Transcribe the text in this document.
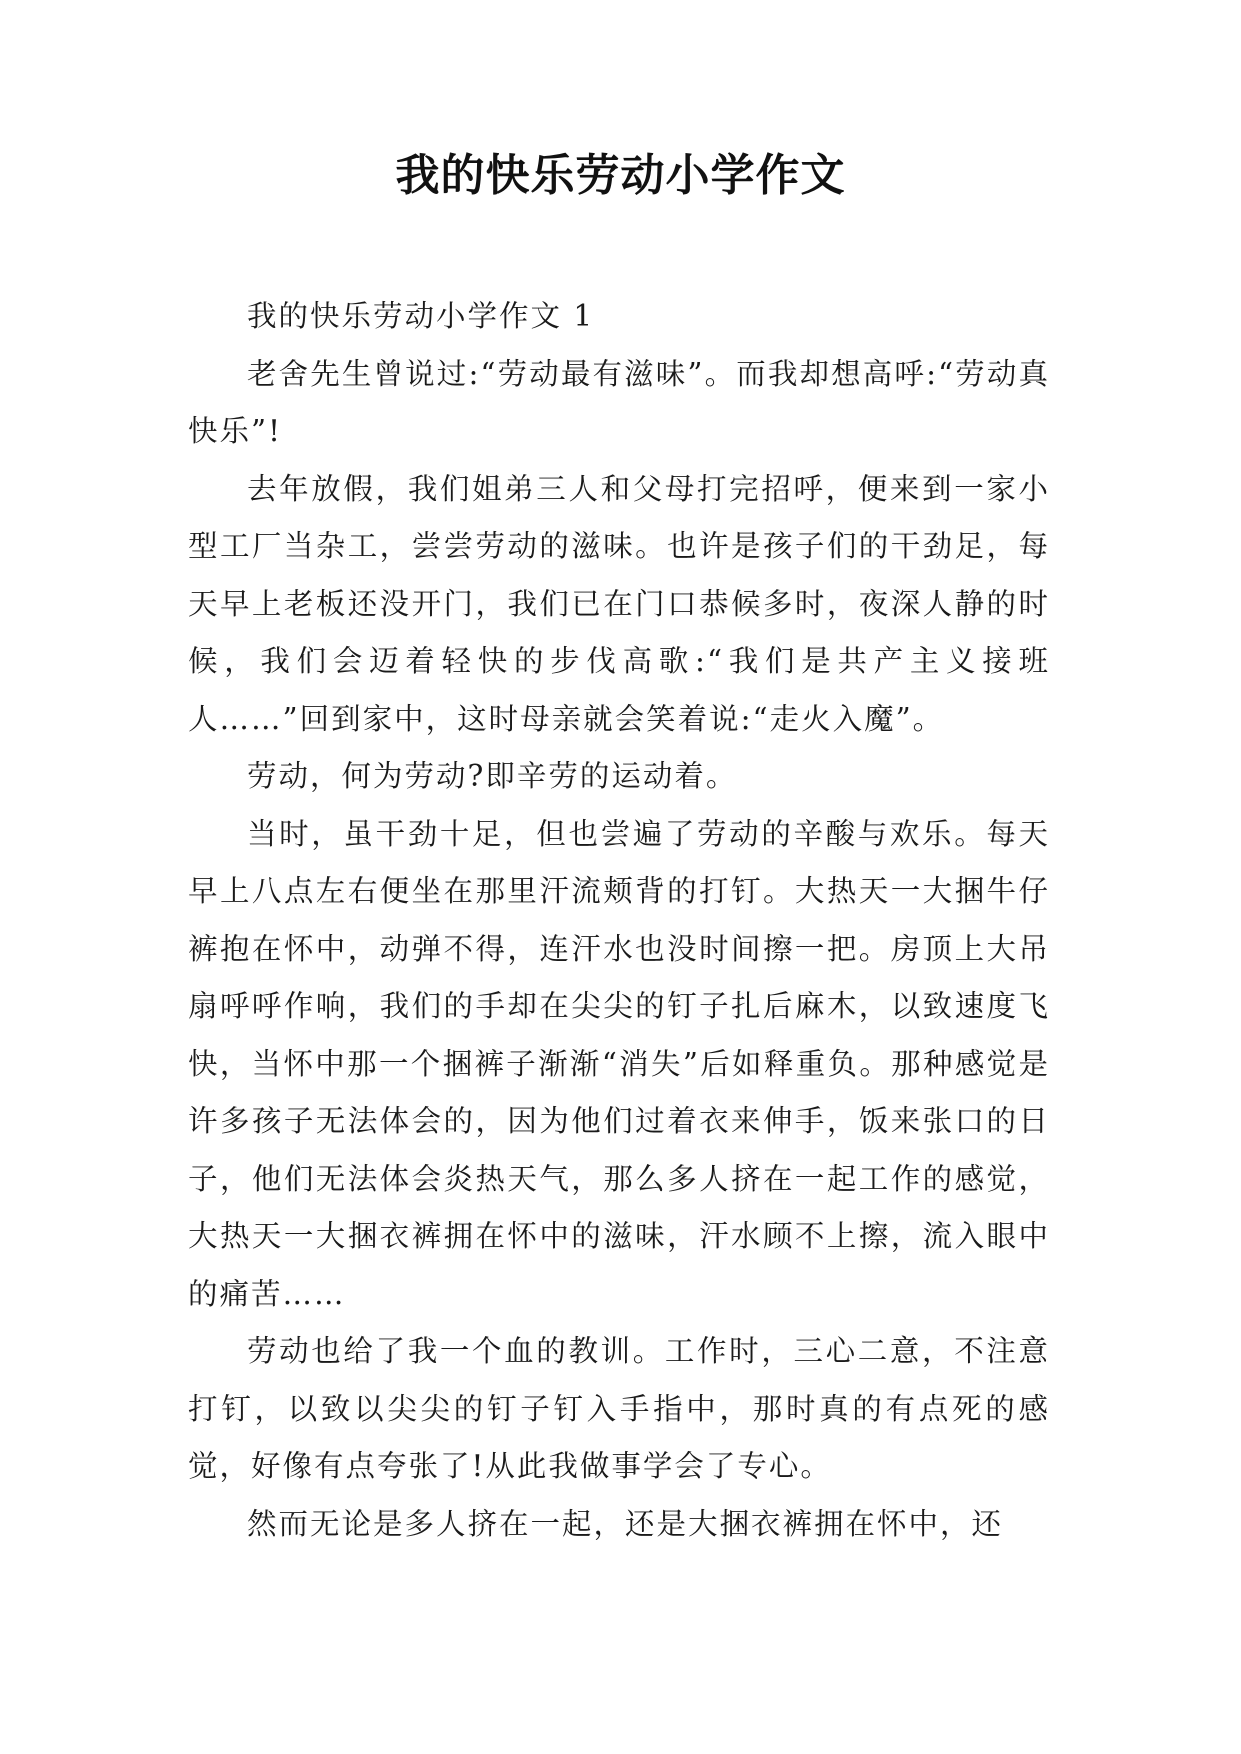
我的快乐劳动小学作文

我的快乐劳动小学作文 1

老舍先生曾说过:“劳动最有滋味”。而我却想高呼:“劳动真快乐”!

去年放假，我们姐弟三人和父母打完招呼，便来到一家小型工厂当杂工，尝尝劳动的滋味。也许是孩子们的干劲足，每天早上老板还没开门，我们已在门口恭候多时，夜深人静的时候，我们会迈着轻快的步伐高歌:“我们是共产主义接班人……”回到家中，这时母亲就会笑着说:“走火入魔”。

劳动，何为劳动?即辛劳的运动着。

当时，虽干劲十足，但也尝遍了劳动的辛酸与欢乐。每天早上八点左右便坐在那里汗流颊背的打钉。大热天一大捆牛仔裤抱在怀中，动弹不得，连汗水也没时间擦一把。房顶上大吊扇呼呼作响，我们的手却在尖尖的钉子扎后麻木，以致速度飞快，当怀中那一个捆裤子渐渐“消失”后如释重负。那种感觉是许多孩子无法体会的，因为他们过着衣来伸手，饭来张口的日子，他们无法体会炎热天气，那么多人挤在一起工作的感觉，大热天一大捆衣裤拥在怀中的滋味，汗水顾不上擦，流入眼中的痛苦……

劳动也给了我一个血的教训。工作时，三心二意，不注意打钉，以致以尖尖的钉子钉入手指中，那时真的有点死的感觉，好像有点夸张了!从此我做事学会了专心。

然而无论是多人挤在一起，还是大捆衣裤拥在怀中，还
